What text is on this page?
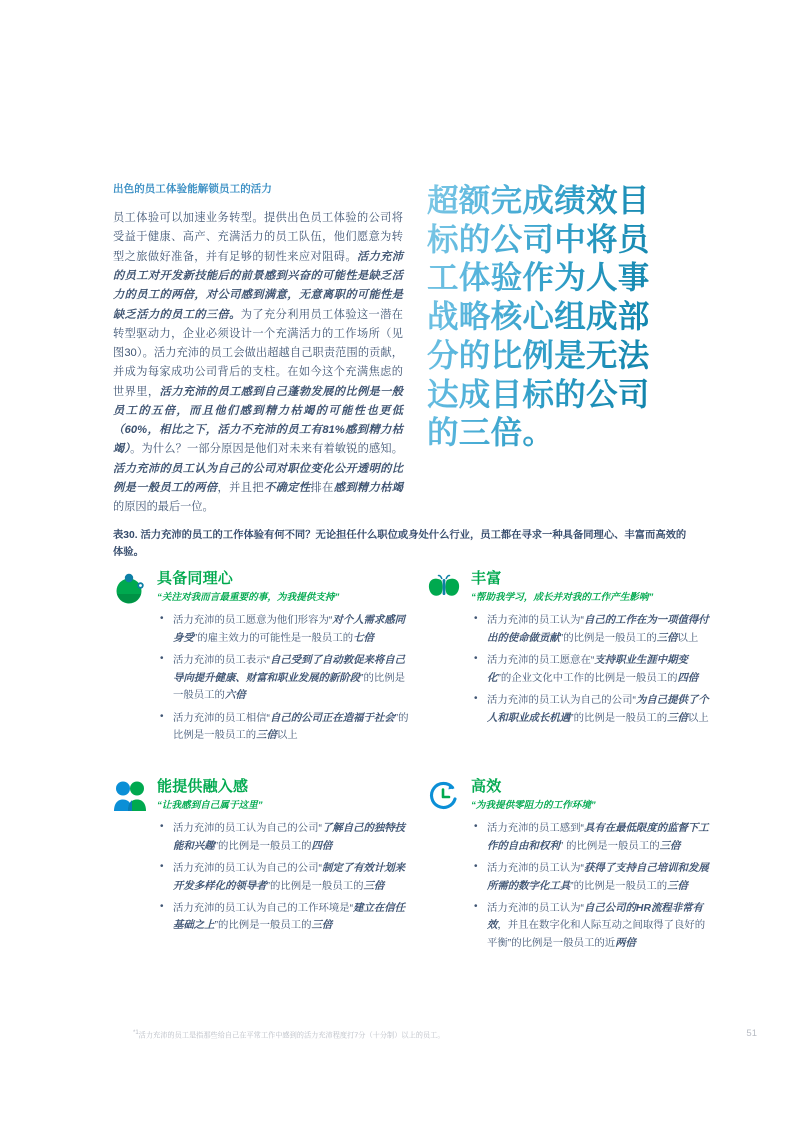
出色的员工体验能解锁员工的活力

员工体验可以加速业务转型。提供出色员工体验的公司将受益于健康、高产、充满活力的员工队伍，他们愿意为转型之旅做好准备，并有足够的韧性来应对阻碍。活力充沛的员工对开发新技能后的前景感到兴奋的可能性是缺乏活力的员工的两倍，对公司感到满意，无意离职的可能性是缺乏活力的员工的三倍。为了充分利用员工体验这一潜在转型驱动力，企业必须设计一个充满活力的工作场所（见图30）。活力充沛的员工会做出超越自己职责范围的贡献，并成为每家成功公司背后的支柱。在如今这个充满焦虑的世界里，活力充沛的员工感到自己蓬勃发展的比例是一般员工的五倍，而且他们感到精力枯竭的可能性也更低（60%，相比之下，活力不充沛的员工有81%感到精力枯竭）。为什么？一部分原因是他们对未来有着敏锐的感知。活力充沛的员工认为自己的公司对职位变化公开透明的比例是一般员工的两倍，并且把不确定性排在感到精力枯竭的原因的最后一位。

超额完成绩效目标的公司中将员工体验作为人事战略核心组成部分的比例是无法达成目标的公司的三倍。
表30. 活力充沛的员工的工作体验有何不同？无论担任什么职位或身处什么行业，员工都在寻求一种具备同理心、丰富而高效的体验。
具备同理心

“关注对我而言最重要的事，为我提供支持”

• 活力充沛的员工愿意为他们形容为“对个人需求感同身受”的雇主效力的可能性是一般员工的七倍
• 活力充沛的员工表示“自己受到了自动敦促来将自己导向提升健康、财富和职业发展的新阶段”的比例是一般员工的六倍
• 活力充沛的员工相信“自己的公司正在造福于社会”的比例是一般员工的三倍以上
丰富

“帮助我学习，成长并对我的工作产生影响”

• 活力充沛的员工认为“自己的工作在为一项值得付出的使命做贡献”的比例是一般员工的三倍以上
• 活力充沛的员工愿意在“支持职业生涯中期变化”的企业文化中工作的比例是一般员工的四倍
• 活力充沛的员工认为自己的公司“为自己提供了个人和职业成长机遇”的比例是一般员工的三倍以上
能提供融入感

“让我感到自己属于这里”

• 活力充沛的员工认为自己的公司“了解自己的独特技能和兴趣”的比例是一般员工的四倍
• 活力充沛的员工认为自己的公司“制定了有效计划来开发多样化的领导者”的比例是一般员工的三倍
• 活力充沛的员工认为自己的工作环境是“建立在信任基础之上”的比例是一般员工的三倍
高效

“为我提供零阻力的工作环境”

• 活力充沛的员工感到“具有在最低限度的监督下工作的自由和权利” 的比例是一般员工的三倍
• 活力充沛的员工认为“获得了支持自己培训和发展所需的数字化工具”的比例是一般员工的三倍
• 活力充沛的员工认为“自己公司的HR流程非常有效，并且在数字化和人际互动之间取得了良好的平衡”的比例是一般员工的近两倍
$^{*1}$活力充沛的员工是指那些给自己在平常工作中感到的活力充沛程度打7分（十分制）以上的员工。	51
